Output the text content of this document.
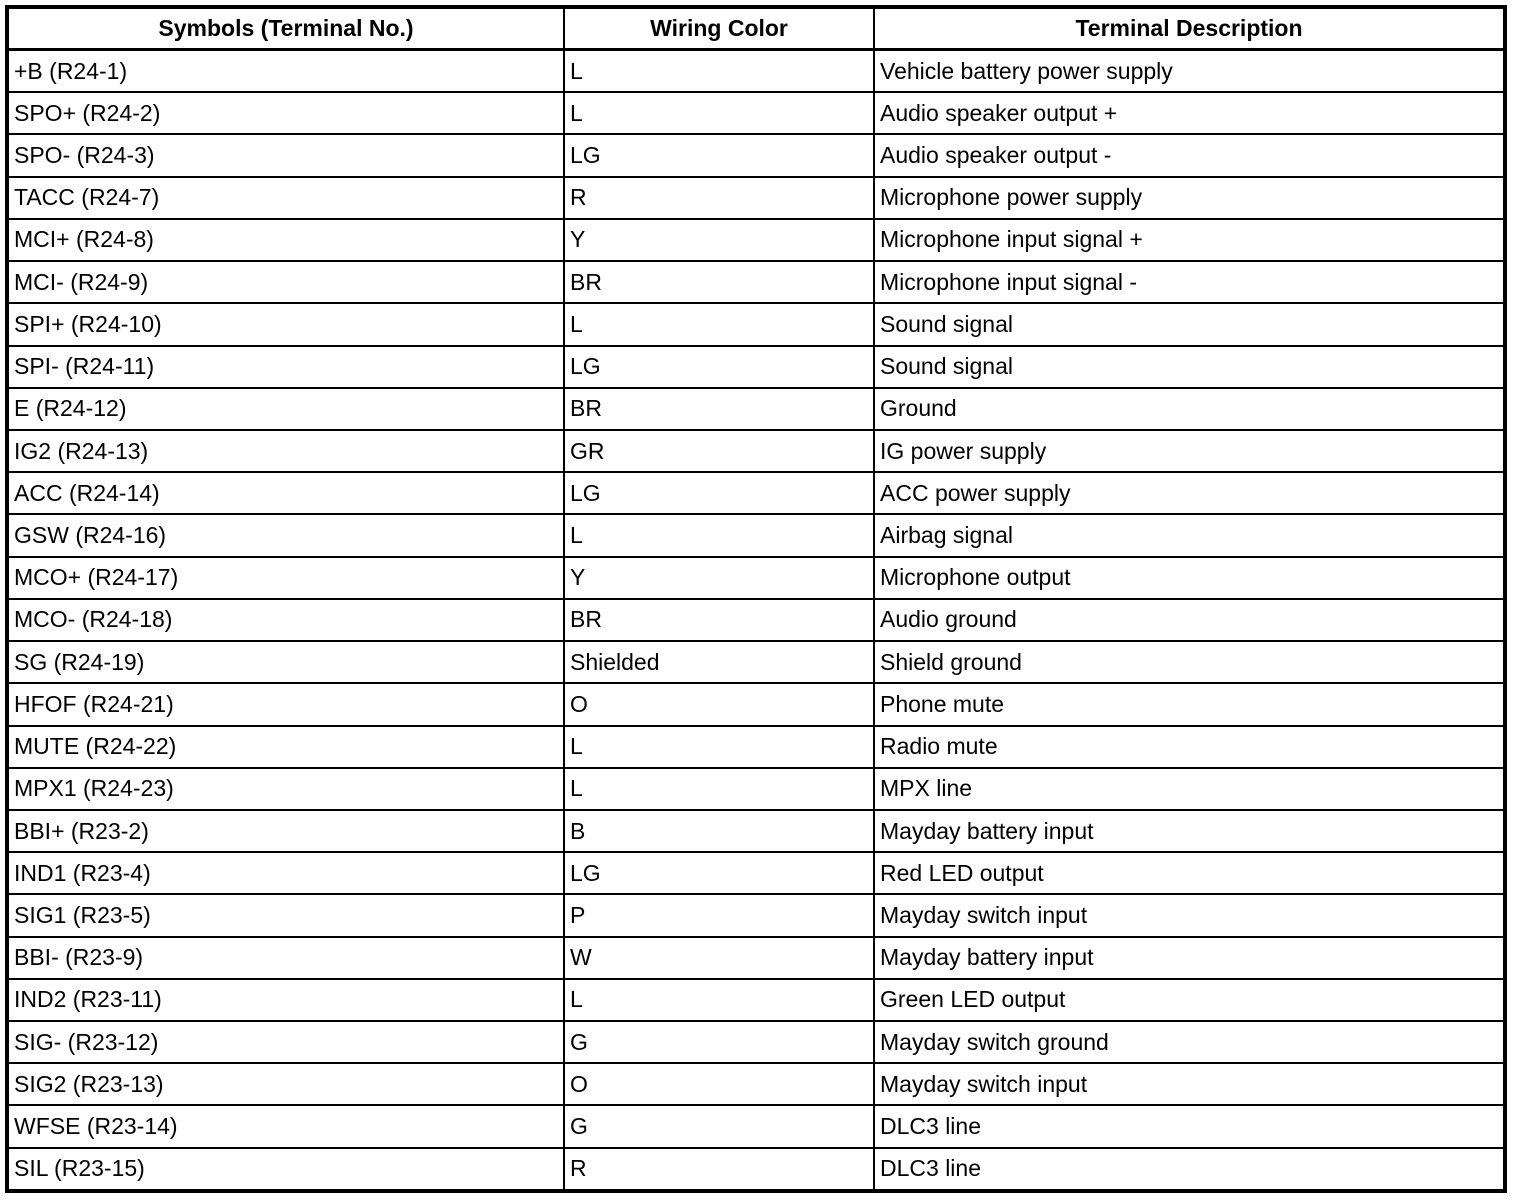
Symbols (Terminal No.)	Wiring Color	Terminal Description
+B (R24-1)	L	Vehicle battery power supply
SPO+ (R24-2)	L	Audio speaker output +
SPO- (R24-3)	LG	Audio speaker output -
TACC (R24-7)	R	Microphone power supply
MCI+ (R24-8)	Y	Microphone input signal +
MCI- (R24-9)	BR	Microphone input signal -
SPI+ (R24-10)	L	Sound signal
SPI- (R24-11)	LG	Sound signal
E (R24-12)	BR	Ground
IG2 (R24-13)	GR	IG power supply
ACC (R24-14)	LG	ACC power supply
GSW (R24-16)	L	Airbag signal
MCO+ (R24-17)	Y	Microphone output
MCO- (R24-18)	BR	Audio ground
SG (R24-19)	Shielded	Shield ground
HFOF (R24-21)	O	Phone mute
MUTE (R24-22)	L	Radio mute
MPX1 (R24-23)	L	MPX line
BBI+ (R23-2)	B	Mayday battery input
IND1 (R23-4)	LG	Red LED output
SIG1 (R23-5)	P	Mayday switch input
BBI- (R23-9)	W	Mayday battery input
IND2 (R23-11)	L	Green LED output
SIG- (R23-12)	G	Mayday switch ground
SIG2 (R23-13)	O	Mayday switch input
WFSE (R23-14)	G	DLC3 line
SIL (R23-15)	R	DLC3 line
